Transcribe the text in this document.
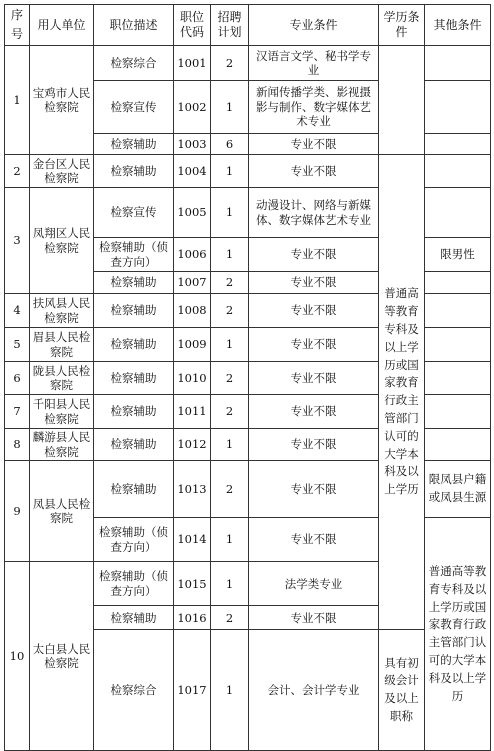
序号	用人单位	职位描述	职位代码	招聘计划	专业条件	学历条件	其他条件	
1	宝鸡市人民检察院	检察综合	1001	2	汉语言文学、秘书学专业			
		检察宣传	1002	1	新闻传播学类、影视摄影与制作、数字媒体艺术专业			
		检察辅助	1003	6	专业不限			
2	金台区人民检察院	检察辅助	1004	1	专业不限	普通高等教育专科及以上学历或国家教育行政主管部门认可的大学本科及以上学历		
3	凤翔区人民检察院	检察宣传	1005	1	动漫设计、网络与新媒体、数字媒体艺术专业			
		检察辅助（侦查方向）	1006	1	专业不限		限男性	
		检察辅助	1007	2	专业不限			
4	扶风县人民检察院	检察辅助	1008	2	专业不限			
5	眉县人民检察院	检察辅助	1009	1	专业不限			
6	陇县人民检察院	检察辅助	1010	2	专业不限			
7	千阳县人民检察院	检察辅助	1011	2	专业不限			
8	麟游县人民检察院	检察辅助	1012	1	专业不限			
9	凤县人民检察院	检察辅助	1013	2	专业不限		限凤县户籍或凤县生源	
		检察辅助（侦查方向）	1014	1	专业不限		普通高等教育专科及以上学历或国家教育行政主管部门认可的大学本科及以上学历	
10	太白县人民检察院	检察辅助（侦查方向）	1015	1	法学类专业	
		检察辅助	1016	2	专业不限			
		检察综合	1017	1	会计、会计学专业	具有初级会计及以上职称		
